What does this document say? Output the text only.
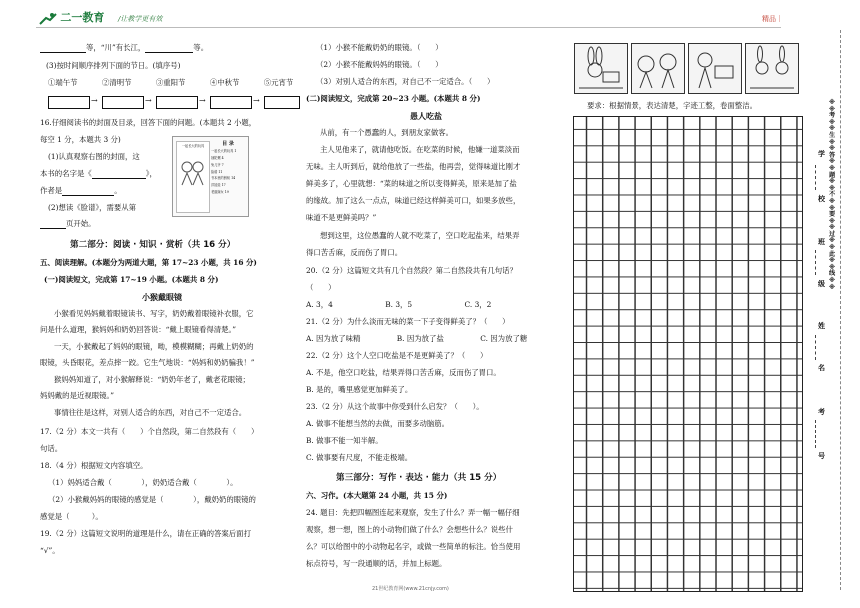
二一教育 /让教学更有效	精品｜
等，“川”有长江，	等。
(3)按时间顺序排列下面的节日。(填序号)
①端午节	②清明节	③重阳节	④中秋节	⑤元宵节
→	→	→	→
16.仔细阅读书的封面及目录，回答下面的问题。(本题共 2 小题，
每空 1 分，本题共 3 分)
(1)认真观察右图的封面，这
本书的名字是《	》，
作者是	。
(2)想读《脸谱》，需要从第
页开始。
一起长大的玩具	目 录
一起长大的玩具 1
抽陀螺 4
兔儿爷 7
脸谱 11
书本里的蚂蚁 14
洋娃娃 17
老鼠嫁女 19
第二部分：阅读 · 知识 · 赏析（共 16 分）
五、阅读理解。(本题分为两道大题，第 17~23 小题，共 16 分)
(一)阅读短文，完成第 17~19 小题。(本题共 8 分)
小猴戴眼镜
小猴看见妈妈戴着眼镜读书、写字，奶奶戴着眼镜补衣服，它
问是什么道理，猴妈妈和奶奶回答说：“戴上眼镜看得清楚。”
一天，小猴戴起了妈妈的眼镜，呦，模模糊糊；再戴上奶奶的
眼镜，头昏眼花，差点摔一跤。它生气地说：“妈妈和奶奶骗我！”
猴妈妈知道了，对小猴解释说：“奶奶年老了，戴老花眼镜；
妈妈戴的是近视眼镜。”
事情往往是这样，对别人适合的东西，对自己不一定适合。
17.（2 分）本文一共有（　　）个自然段，第二自然段有（　　）
句话。
18.（4 分）根据短文内容填空。
（1）妈妈适合戴（　　　　），奶奶适合戴（　　　　）。
（2）小猴戴妈妈的眼镜的感觉是（　　　　），戴奶奶的眼镜的
感觉是（　　　）。
19.（2 分）这篇短文说明的道理是什么，请在正确的答案后面打
“√”。
（1）小猴不能戴奶奶的眼镜。（　　）
（2）小猴不能戴妈妈的眼镜。（　　）
（3）对别人适合的东西，对自己不一定适合。（　　）
(二)阅读短文，完成第 20~23 小题。(本题共 8 分)
愚人吃盐
从前，有一个愚蠢的人，到朋友家做客。
主人见他来了，就请他吃饭。在吃菜的时候，他嫌一道菜淡而
无味。主人听到后，就给他放了一些盐，他再尝，觉得味道比刚才
鲜美多了，心里就想：“菜的味道之所以变得鲜美，原来是加了盐
的缘故。加了这么一点点，味道已经这样鲜美可口，如果多放些，
味道不是更鲜美吗？”
想到这里，这位愚蠢的人就不吃菜了，空口吃起盐来，结果弄
得口苦舌麻，反而伤了胃口。
20.（2 分）这篇短文共有几个自然段？第二自然段共有几句话？
（　　）
A. 3，4	B. 3，5	C. 3，2
21.（2 分）为什么淡而无味的菜一下子变得鲜美了？（　　）
A. 因为放了味精	B. 因为放了盐	C. 因为放了糖
22.（2 分）这个人空口吃盐是不是更鲜美了？（　　）
A. 不是，他空口吃盐，结果弄得口苦舌麻，反而伤了胃口。
B. 是的，嘴里感觉更加鲜美了。
23.（2 分）从这个故事中你受到什么启发？（　　）。
A. 做事不能想当然的去做，而要多动脑筋。
B. 做事不能一知半解。
C. 做事要有尺度，不能走极端。
第三部分：写作 · 表达 · 能力（共 15 分）
六、习作。(本大题第 24 小题，共 15 分)
24. 题目：先把四幅图连起来观察，发生了什么？弄一幅一幅仔细
观察，想一想，图上的小动物们做了什么？会想些什么？说些什
么？可以给图中的小动物起名字，或做一些简单的标注。恰当使用
标点符号，写一段通顺的话，并加上标题。
要求：根据情景，表达清楚，字迹工整，卷面整洁。
学
校
班
级
姓
名
考
号
※※考※※生※※答※※题※※不※※要※※过※※此※※线※※
21世纪教育网(www.21cnjy.com)
